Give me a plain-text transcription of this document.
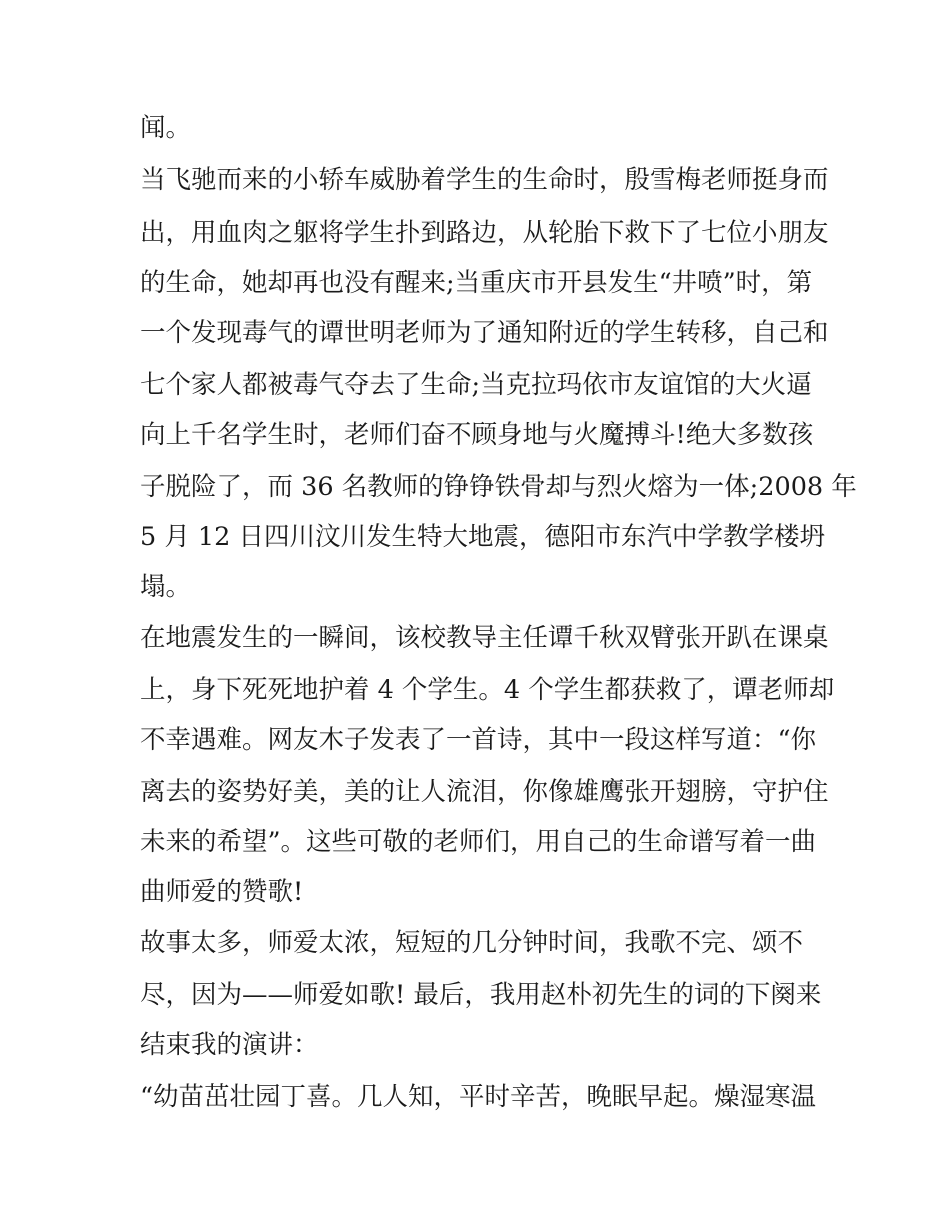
闻。
当飞驰而来的小轿车威胁着学生的生命时，殷雪梅老师挺身而
出，用血肉之躯将学生扑到路边，从轮胎下救下了七位小朋友
的生命，她却再也没有醒来;当重庆市开县发生“井喷”时，第
一个发现毒气的谭世明老师为了通知附近的学生转移，自己和
七个家人都被毒气夺去了生命;当克拉玛依市友谊馆的大火逼
向上千名学生时，老师们奋不顾身地与火魔搏斗!绝大多数孩
子脱险了，而 36 名教师的铮铮铁骨却与烈火熔为一体;2008 年
5 月 12 日四川汶川发生特大地震，德阳市东汽中学教学楼坍
塌。
在地震发生的一瞬间，该校教导主任谭千秋双臂张开趴在课桌
上，身下死死地护着 4 个学生。4 个学生都获救了，谭老师却
不幸遇难。网友木子发表了一首诗，其中一段这样写道：“你
离去的姿势好美，美的让人流泪，你像雄鹰张开翅膀，守护住
未来的希望”。这些可敬的老师们，用自己的生命谱写着一曲
曲师爱的赞歌!
故事太多，师爱太浓，短短的几分钟时间，我歌不完、颂不
尽，因为——师爱如歌! 最后，我用赵朴初先生的词的下阕来
结束我的演讲：
“幼苗茁壮园丁喜。几人知，平时辛苦，晚眠早起。燥湿寒温
